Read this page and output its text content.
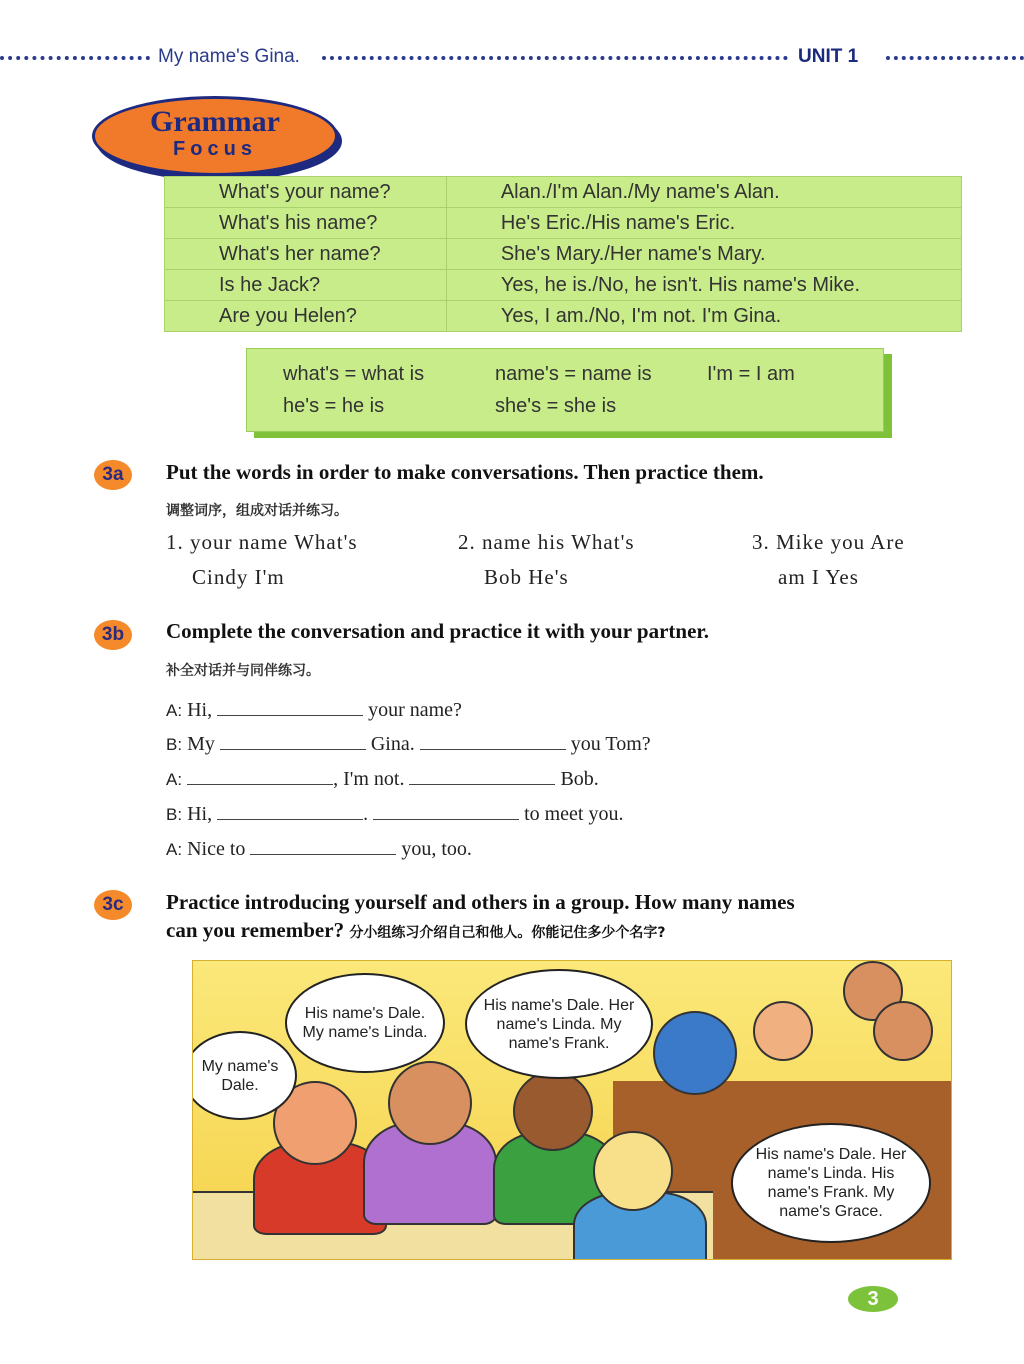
My name's Gina.	UNIT 1
Grammar
Focus
What's your name?	Alan./I'm Alan./My name's Alan.
What's his name?	He's Eric./His name's Eric.
What's her name?	She's Mary./Her name's Mary.
Is he Jack?	Yes, he is./No, he isn't. His name's Mike.
Are you Helen?	Yes, I am./No, I'm not. I'm Gina.
what's = what is	name's = name is	I'm = I am
he's = he is	she's = she is
3a	Put the words in order to make conversations. Then practice them.
调整词序，组成对话并练习。
1. your name What's
Cindy I'm
2. name his What's
Bob He's
3. Mike you Are
am I Yes
3b	Complete the conversation and practice it with your partner.
补全对话并与同伴练习。
A: Hi,	your name?
B: My	Gina.	you Tom?
A:	, I'm not.	Bob.
B: Hi,	.	to meet you.
A: Nice to	you, too.
3c	Practice introducing yourself and others in a group. How many names
can you remember? 分小组练习介绍自己和他人。你能记住多少个名字?
My name's Dale.
His name's Dale. My name's Linda.
His name's Dale. Her name's Linda. My name's Frank.
His name's Dale. Her name's Linda. His name's Frank. My name's Grace.
3
